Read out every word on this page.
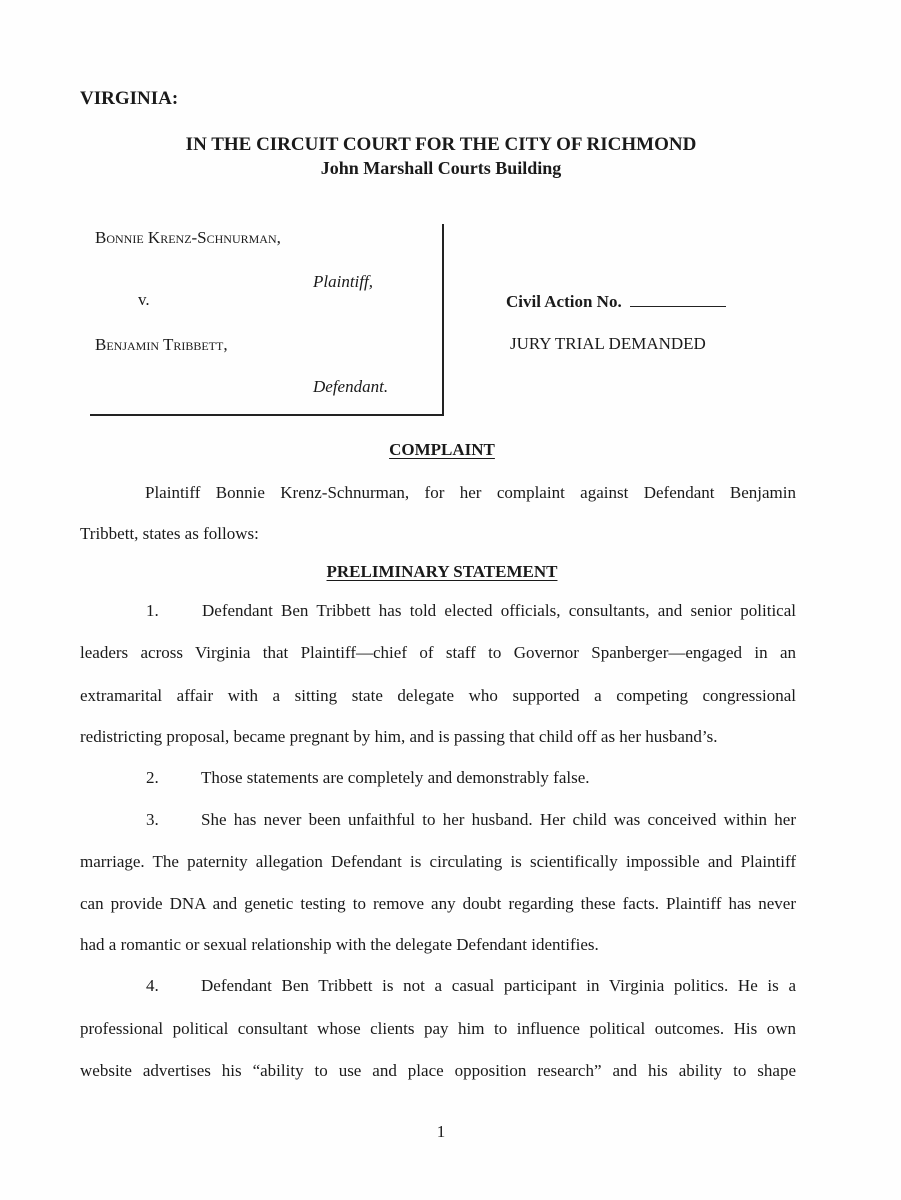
VIRGINIA:
IN THE CIRCUIT COURT FOR THE CITY OF RICHMOND
John Marshall Courts Building
Bonnie Krenz-Schnurman,
Plaintiff,
v.
Benjamin Tribbett,
Defendant.
Civil Action No.
JURY TRIAL DEMANDED
COMPLAINT
Plaintiff Bonnie Krenz-Schnurman, for her complaint against Defendant Benjamin
Tribbett, states as follows:
PRELIMINARY STATEMENT
1.	Defendant Ben Tribbett has told elected officials, consultants, and senior political
leaders across Virginia that Plaintiff—chief of staff to Governor Spanberger—engaged in an
extramarital affair with a sitting state delegate who supported a competing congressional
redistricting proposal, became pregnant by him, and is passing that child off as her husband’s.
2. Those statements are completely and demonstrably false.
3. She has never been unfaithful to her husband. Her child was conceived within her
marriage. The paternity allegation Defendant is circulating is scientifically impossible and Plaintiff
can provide DNA and genetic testing to remove any doubt regarding these facts. Plaintiff has never
had a romantic or sexual relationship with the delegate Defendant identifies.
4. Defendant Ben Tribbett is not a casual participant in Virginia politics. He is a
professional political consultant whose clients pay him to influence political outcomes. His own
website advertises his “ability to use and place opposition research” and his ability to shape
1
